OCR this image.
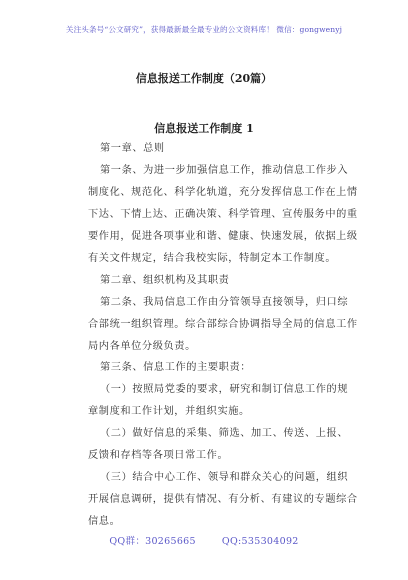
关注头条号“公文研究”，获得最新最全最专业的公文资料库！ 微信：gongwenyj
信息报送工作制度（20篇）
信息报送工作制度 1
第一章、总则
第一条、为进一步加强信息工作，推动信息工作步入
制度化、规范化、科学化轨道，充分发挥信息工作在上情
下达、下情上达、正确决策、科学管理、宣传服务中的重
要作用，促进各项事业和谐、健康、快速发展，依据上级
有关文件规定，结合我校实际，特制定本工作制度。
第二章、组织机构及其职责
第二条、我局信息工作由分管领导直接领导，归口综
合部统一组织管理。综合部综合协调指导全局的信息工作
局内各单位分级负责。
第三条、信息工作的主要职责：
（一）按照局党委的要求，研究和制订信息工作的规
章制度和工作计划，并组织实施。
（二）做好信息的采集、筛选、加工、传送、上报、
反馈和存档等各项日常工作。
（三）结合中心工作、领导和群众关心的问题，组织
QQ群：30265665	QQ:535304092
开展信息调研，提供有情况、有分析、有建议的专题综合
信息。
